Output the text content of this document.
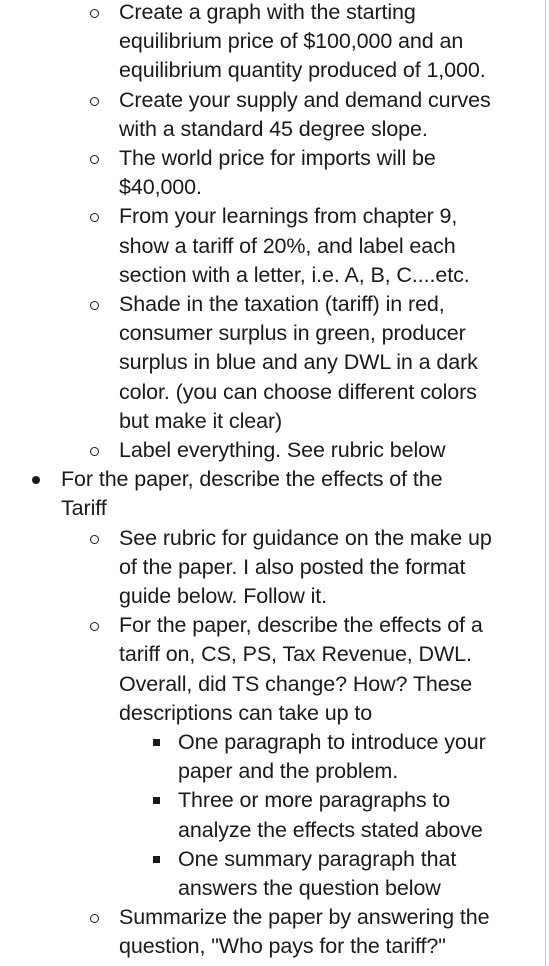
Create a graph with the starting
equilibrium price of $100,000 and an
equilibrium quantity produced of 1,000.
Create your supply and demand curves
with a standard 45 degree slope.
The world price for imports will be
$40,000.
From your learnings from chapter 9,
show a tariff of 20%, and label each
section with a letter, i.e. A, B, C....etc.
Shade in the taxation (tariff) in red,
consumer surplus in green, producer
surplus in blue and any DWL in a dark
color. (you can choose different colors
but make it clear)
Label everything. See rubric below
For the paper, describe the effects of the
Tariff
See rubric for guidance on the make up
of the paper. I also posted the format
guide below. Follow it.
For the paper, describe the effects of a
tariff on, CS, PS, Tax Revenue, DWL.
Overall, did TS change? How? These
descriptions can take up to
One paragraph to introduce your
paper and the problem.
Three or more paragraphs to
analyze the effects stated above
One summary paragraph that
answers the question below
Summarize the paper by answering the
question, "Who pays for the tariff?"
